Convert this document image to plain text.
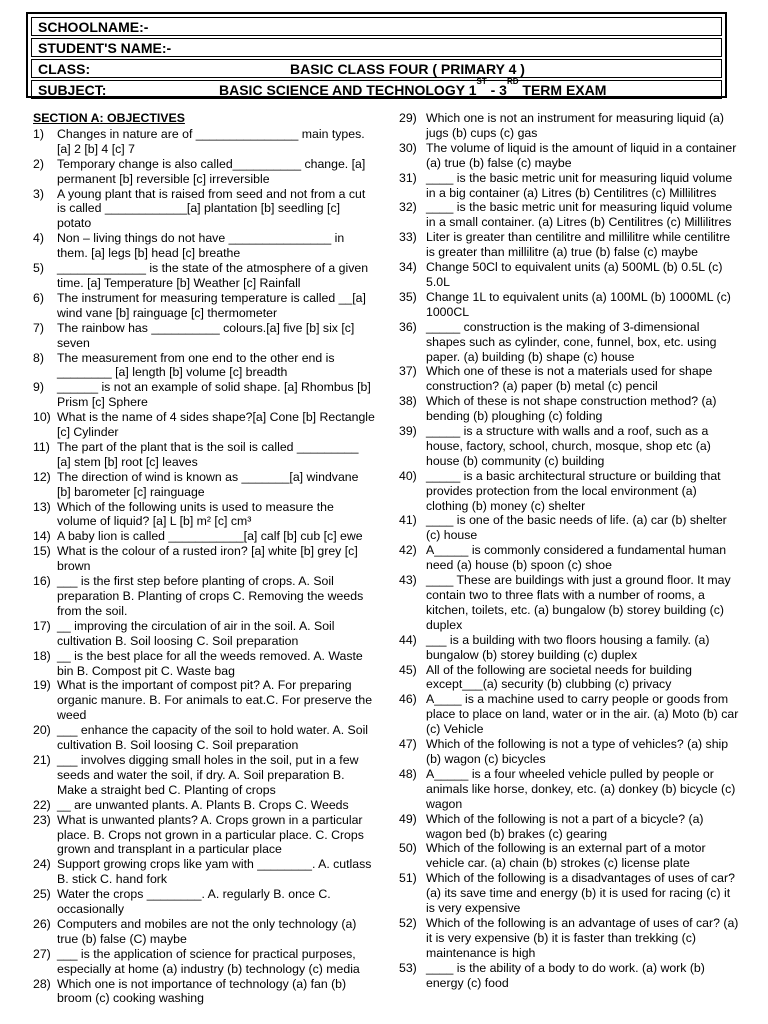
SCHOOLNAME:-
STUDENT'S NAME:-
CLASS:	BASIC CLASS FOUR ( PRIMARY 4 )
SUBJECT:	BASIC SCIENCE AND TECHNOLOGY 1ST - 3RD TERM EXAM
SECTION A: OBJECTIVES
1) Changes in nature are of _______________ main types. [a] 2 [b] 4 [c] 7
2) Temporary change is also called__________ change. [a] permanent [b] reversible [c] irreversible
3) A young plant that is raised from seed and not from a cut is called ____________[a] plantation [b] seedling [c] potato
4) Non – living things do not have _______________ in them. [a] legs [b] head [c] breathe
5) _____________ is the state of the atmosphere of a given time. [a] Temperature [b] Weather [c] Rainfall
6) The instrument for measuring temperature is called __[a] wind vane [b] rainguage [c] thermometer
7) The rainbow has __________ colours.[a] five [b] six [c] seven
8) The measurement from one end to the other end is ________ [a] length [b] volume [c] breadth
9) ______ is not an example of solid shape. [a] Rhombus [b] Prism [c] Sphere
10) What is the name of 4 sides shape?[a] Cone [b] Rectangle [c] Cylinder
11) The part of the plant that is the soil is called _________ [a] stem [b] root [c] leaves
12) The direction of wind is known as _______[a] windvane [b] barometer [c] rainguage
13) Which of the following units is used to measure the volume of liquid? [a] L [b] m² [c] cm³
14) A baby lion is called ___________[a] calf [b] cub [c] ewe
15) What is the colour of a rusted iron? [a] white [b] grey [c] brown
16) ___ is the first step before planting of crops. A. Soil preparation B. Planting of crops C. Removing the weeds from the soil.
17) __ improving the circulation of air in the soil. A. Soil cultivation B. Soil loosing C. Soil preparation
18) __ is the best place for all the weeds removed. A. Waste bin B. Compost pit C. Waste bag
19) What is the important of compost pit? A. For preparing organic manure. B. For animals to eat.C. For preserve the weed
20) ___ enhance the capacity of the soil to hold water. A. Soil cultivation B. Soil loosing C. Soil preparation
21) ___ involves digging small holes in the soil, put in a few seeds and water the soil, if dry. A. Soil preparation B. Make a straight bed C. Planting of crops
22) __ are unwanted plants. A. Plants B. Crops C. Weeds
23) What is unwanted plants? A. Crops grown in a particular place. B. Crops not grown in a particular place. C. Crops grown and transplant in a particular place
24) Support growing crops like yam with ________. A. cutlass B. stick C. hand fork
25) Water the crops ________. A. regularly B. once C. occasionally
26) Computers and mobiles are not the only technology (a) true (b) false (C) maybe
27) ___ is the application of science for practical purposes, especially at home (a) industry (b) technology (c) media
28) Which one is not importance of technology (a) fan (b) broom (c) cooking washing
29) Which one is not an instrument for measuring liquid (a) jugs (b) cups (c) gas
30) The volume of liquid is the amount of liquid in a container (a) true (b) false (c) maybe
31) ____ is the basic metric unit for measuring liquid volume in a big container (a) Litres (b) Centilitres (c) Millilitres
32) ____ is the basic metric unit for measuring liquid volume in a small container. (a) Litres (b) Centilitres (c) Millilitres
33) Liter is greater than centilitre and millilitre while centilitre is greater than millilitre (a) true (b) false (c) maybe
34) Change 50Cl to equivalent units (a) 500ML (b) 0.5L (c) 5.0L
35) Change 1L to equivalent units (a) 100ML (b) 1000ML (c) 1000CL
36) _____ construction is the making of 3-dimensional shapes such as cylinder, cone, funnel, box, etc. using paper. (a) building (b) shape (c) house
37) Which one of these is not a materials used for shape construction? (a) paper (b) metal (c) pencil
38) Which of these is not shape construction method? (a) bending (b) ploughing (c) folding
39) _____ is a structure with walls and a roof, such as a house, factory, school, church, mosque, shop etc (a) house (b) community (c) building
40) _____ is a basic architectural structure or building that provides protection from the local environment (a) clothing (b) money (c) shelter
41) ____ is one of the basic needs of life. (a) car (b) shelter (c) house
42) A_____ is commonly considered a fundamental human need (a) house (b) spoon (c) shoe
43) ____ These are buildings with just a ground floor. It may contain two to three flats with a number of rooms, a kitchen, toilets, etc. (a) bungalow (b) storey building (c) duplex
44) ___ is a building with two floors housing a family. (a) bungalow (b) storey building (c) duplex
45) All of the following are societal needs for building except___(a) security (b) clubbing (c) privacy
46) A____ is a machine used to carry people or goods from place to place on land, water or in the air. (a) Moto (b) car (c) Vehicle
47) Which of the following is not a type of vehicles? (a) ship (b) wagon (c) bicycles
48) A_____ is a four wheeled vehicle pulled by people or animals like horse, donkey, etc. (a) donkey (b) bicycle (c) wagon
49) Which of the following is not a part of a bicycle? (a) wagon bed (b) brakes (c) gearing
50) Which of the following is an external part of a motor vehicle car. (a) chain (b) strokes (c) license plate
51) Which of the following is a disadvantages of uses of car? (a) its save time and energy (b) it is used for racing (c) it is very expensive
52) Which of the following is an advantage of uses of car? (a) it is very expensive (b) it is faster than trekking (c) maintenance is high
53) ____ is the ability of a body to do work. (a) work (b) energy (c) food
